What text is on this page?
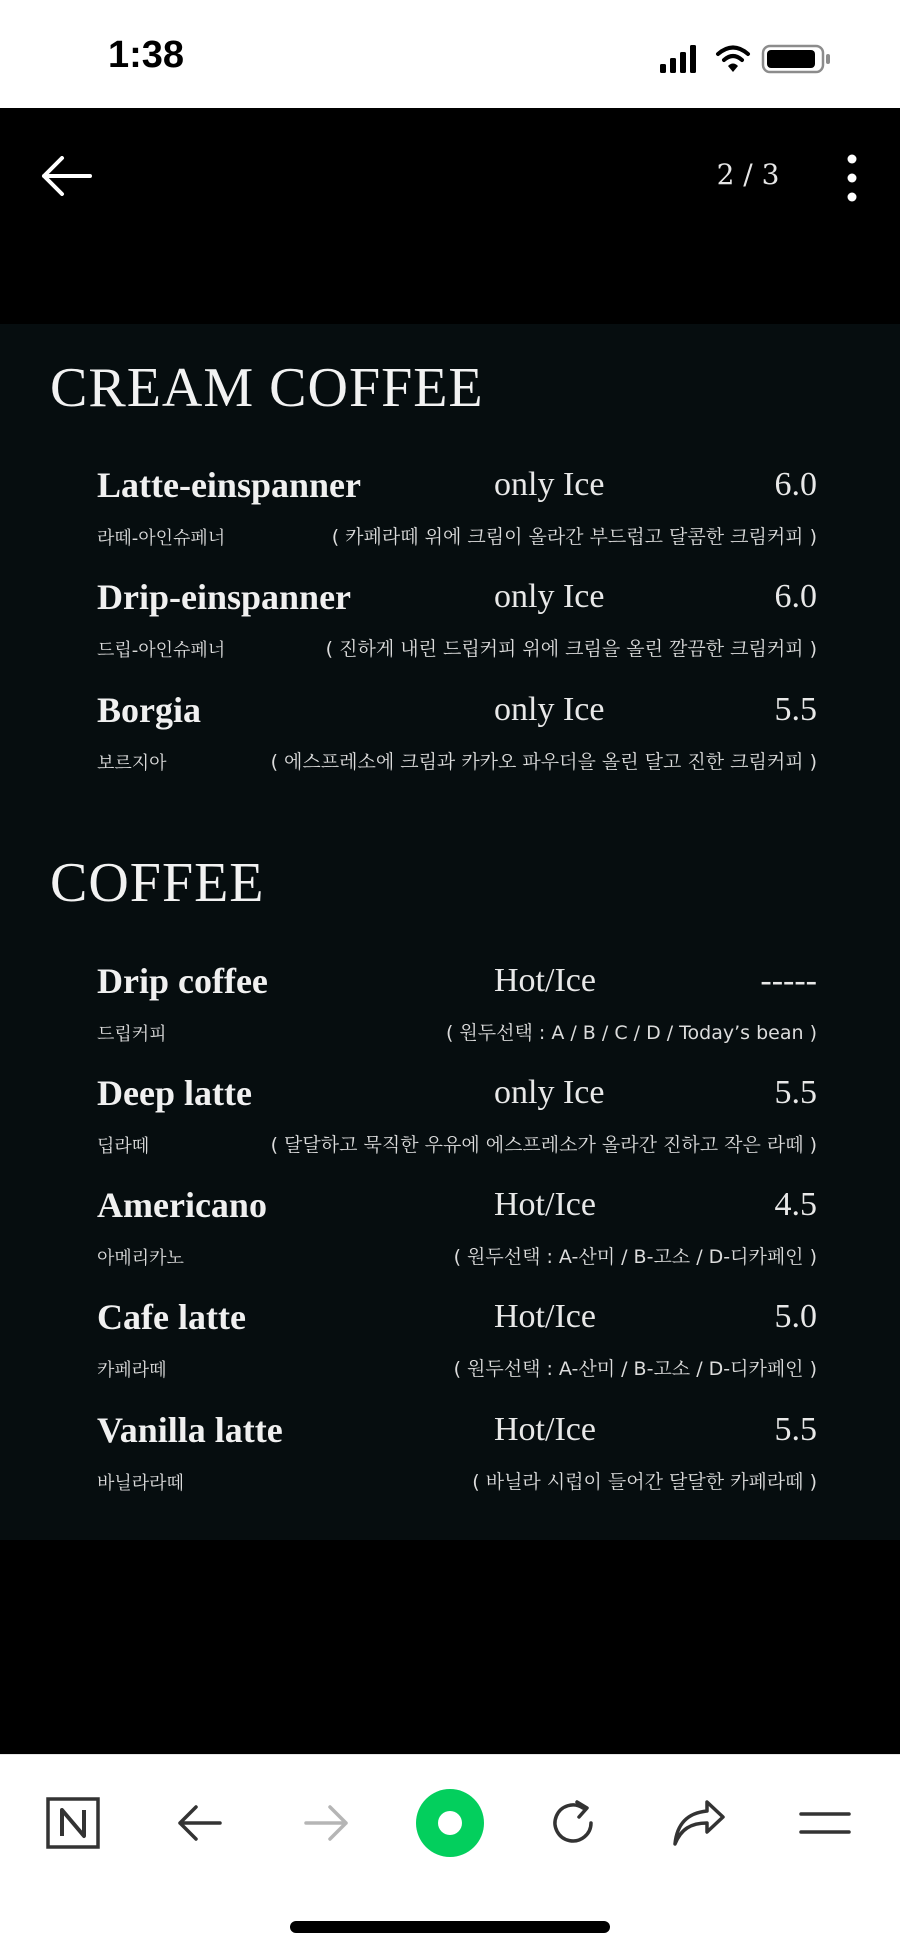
1:38
2 / 3
CREAM COFFEE
Latte-einspanner	only Ice	6.0
라떼-아인슈페너	( 카페라떼 위에 크림이 올라간 부드럽고 달콤한 크림커피 )
Drip-einspanner	only Ice	6.0
드립-아인슈페너	( 진하게 내린 드립커피 위에 크림을 올린 깔끔한 크림커피 )
Borgia	only Ice	5.5
보르지아	( 에스프레소에 크림과 카카오 파우더을 올린 달고 진한 크림커피 )
COFFEE
Drip coffee	Hot/Ice	-----
드립커피	( 원두선택 : A / B / C / D / Today’s bean )
Deep latte	only Ice	5.5
딥라떼	( 달달하고 묵직한 우유에 에스프레소가 올라간 진하고 작은 라떼 )
Americano	Hot/Ice	4.5
아메리카노	( 원두선택 : A-산미 / B-고소 / D-디카페인 )
Cafe latte	Hot/Ice	5.0
카페라떼	( 원두선택 : A-산미 / B-고소 / D-디카페인 )
Vanilla latte	Hot/Ice	5.5
바닐라라떼	( 바닐라 시럽이 들어간 달달한 카페라떼 )
